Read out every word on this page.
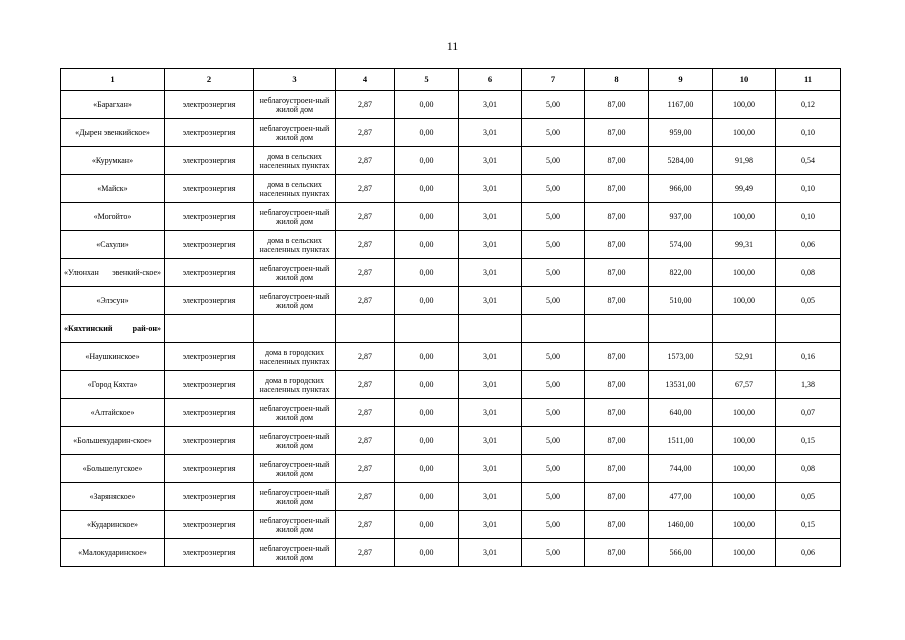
11
1	2	3	4	5	6	7	8	9	10	11
«Барагхан»	электроэнергия	неблагоустроен-ный жилой дом	2,87	0,00	3,01	5,00	87,00	1167,00	100,00	0,12
«Дырен эвенкийское»	электроэнергия	неблагоустроен-ный жилой дом	2,87	0,00	3,01	5,00	87,00	959,00	100,00	0,10
«Курумкан»	электроэнергия	дома в сельских населенных пунктах	2,87	0,00	3,01	5,00	87,00	5284,00	91,98	0,54
«Майск»	электроэнергия	дома в сельских населенных пунктах	2,87	0,00	3,01	5,00	87,00	966,00	99,49	0,10
«Могойто»	электроэнергия	неблагоустроен-ный жилой дом	2,87	0,00	3,01	5,00	87,00	937,00	100,00	0,10
«Сахули»	электроэнергия	дома в сельских населенных пунктах	2,87	0,00	3,01	5,00	87,00	574,00	99,31	0,06
«Улюнхан эвенкий-ское»	электроэнергия	неблагоустроен-ный жилой дом	2,87	0,00	3,01	5,00	87,00	822,00	100,00	0,08
«Элэсун»	электроэнергия	неблагоустроен-ный жилой дом	2,87	0,00	3,01	5,00	87,00	510,00	100,00	0,05
«Кяхтинский рай-он»										
«Наушкинское»	электроэнергия	дома в городских населенных пунктах	2,87	0,00	3,01	5,00	87,00	1573,00	52,91	0,16
«Город Кяхта»	электроэнергия	дома в городских населенных пунктах	2,87	0,00	3,01	5,00	87,00	13531,00	67,57	1,38
«Алтайское»	электроэнергия	неблагоустроен-ный жилой дом	2,87	0,00	3,01	5,00	87,00	640,00	100,00	0,07
«Большекударин-ское»	электроэнергия	неблагоустроен-ный жилой дом	2,87	0,00	3,01	5,00	87,00	1511,00	100,00	0,15
«Большелугское»	электроэнергия	неблагоустроен-ный жилой дом	2,87	0,00	3,01	5,00	87,00	744,00	100,00	0,08
«Заряняское»	электроэнергия	неблагоустроен-ный жилой дом	2,87	0,00	3,01	5,00	87,00	477,00	100,00	0,05
«Кударинское»	электроэнергия	неблагоустроен-ный жилой дом	2,87	0,00	3,01	5,00	87,00	1460,00	100,00	0,15
«Малокударинское»	электроэнергия	неблагоустроен-ный жилой дом	2,87	0,00	3,01	5,00	87,00	566,00	100,00	0,06
